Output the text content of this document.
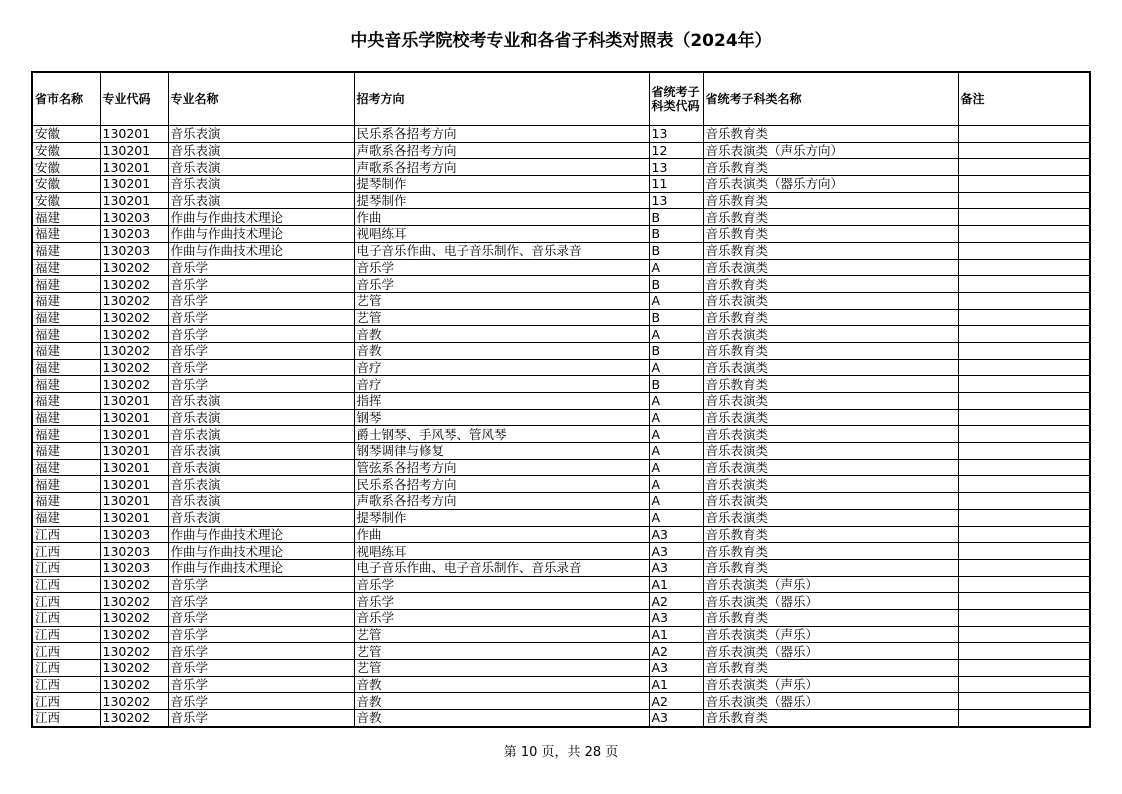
中央音乐学院校考专业和各省子科类对照表（2024年）
省市名称	专业代码	专业名称	招考方向	省统考子科类代码	省统考子科类名称	备注
安徽	130201	音乐表演	民乐系各招考方向	13	音乐教育类	
安徽	130201	音乐表演	声歌系各招考方向	12	音乐表演类（声乐方向）	
安徽	130201	音乐表演	声歌系各招考方向	13	音乐教育类	
安徽	130201	音乐表演	提琴制作	11	音乐表演类（器乐方向）	
安徽	130201	音乐表演	提琴制作	13	音乐教育类	
福建	130203	作曲与作曲技术理论	作曲	B	音乐教育类	
福建	130203	作曲与作曲技术理论	视唱练耳	B	音乐教育类	
福建	130203	作曲与作曲技术理论	电子音乐作曲、电子音乐制作、音乐录音	B	音乐教育类	
福建	130202	音乐学	音乐学	A	音乐表演类	
福建	130202	音乐学	音乐学	B	音乐教育类	
福建	130202	音乐学	艺管	A	音乐表演类	
福建	130202	音乐学	艺管	B	音乐教育类	
福建	130202	音乐学	音教	A	音乐表演类	
福建	130202	音乐学	音教	B	音乐教育类	
福建	130202	音乐学	音疗	A	音乐表演类	
福建	130202	音乐学	音疗	B	音乐教育类	
福建	130201	音乐表演	指挥	A	音乐表演类	
福建	130201	音乐表演	钢琴	A	音乐表演类	
福建	130201	音乐表演	爵士钢琴、手风琴、管风琴	A	音乐表演类	
福建	130201	音乐表演	钢琴调律与修复	A	音乐表演类	
福建	130201	音乐表演	管弦系各招考方向	A	音乐表演类	
福建	130201	音乐表演	民乐系各招考方向	A	音乐表演类	
福建	130201	音乐表演	声歌系各招考方向	A	音乐表演类	
福建	130201	音乐表演	提琴制作	A	音乐表演类	
江西	130203	作曲与作曲技术理论	作曲	A3	音乐教育类	
江西	130203	作曲与作曲技术理论	视唱练耳	A3	音乐教育类	
江西	130203	作曲与作曲技术理论	电子音乐作曲、电子音乐制作、音乐录音	A3	音乐教育类	
江西	130202	音乐学	音乐学	A1	音乐表演类（声乐）	
江西	130202	音乐学	音乐学	A2	音乐表演类（器乐）	
江西	130202	音乐学	音乐学	A3	音乐教育类	
江西	130202	音乐学	艺管	A1	音乐表演类（声乐）	
江西	130202	音乐学	艺管	A2	音乐表演类（器乐）	
江西	130202	音乐学	艺管	A3	音乐教育类	
江西	130202	音乐学	音教	A1	音乐表演类（声乐）	
江西	130202	音乐学	音教	A2	音乐表演类（器乐）	
江西	130202	音乐学	音教	A3	音乐教育类	
第 10 页，共 28 页
